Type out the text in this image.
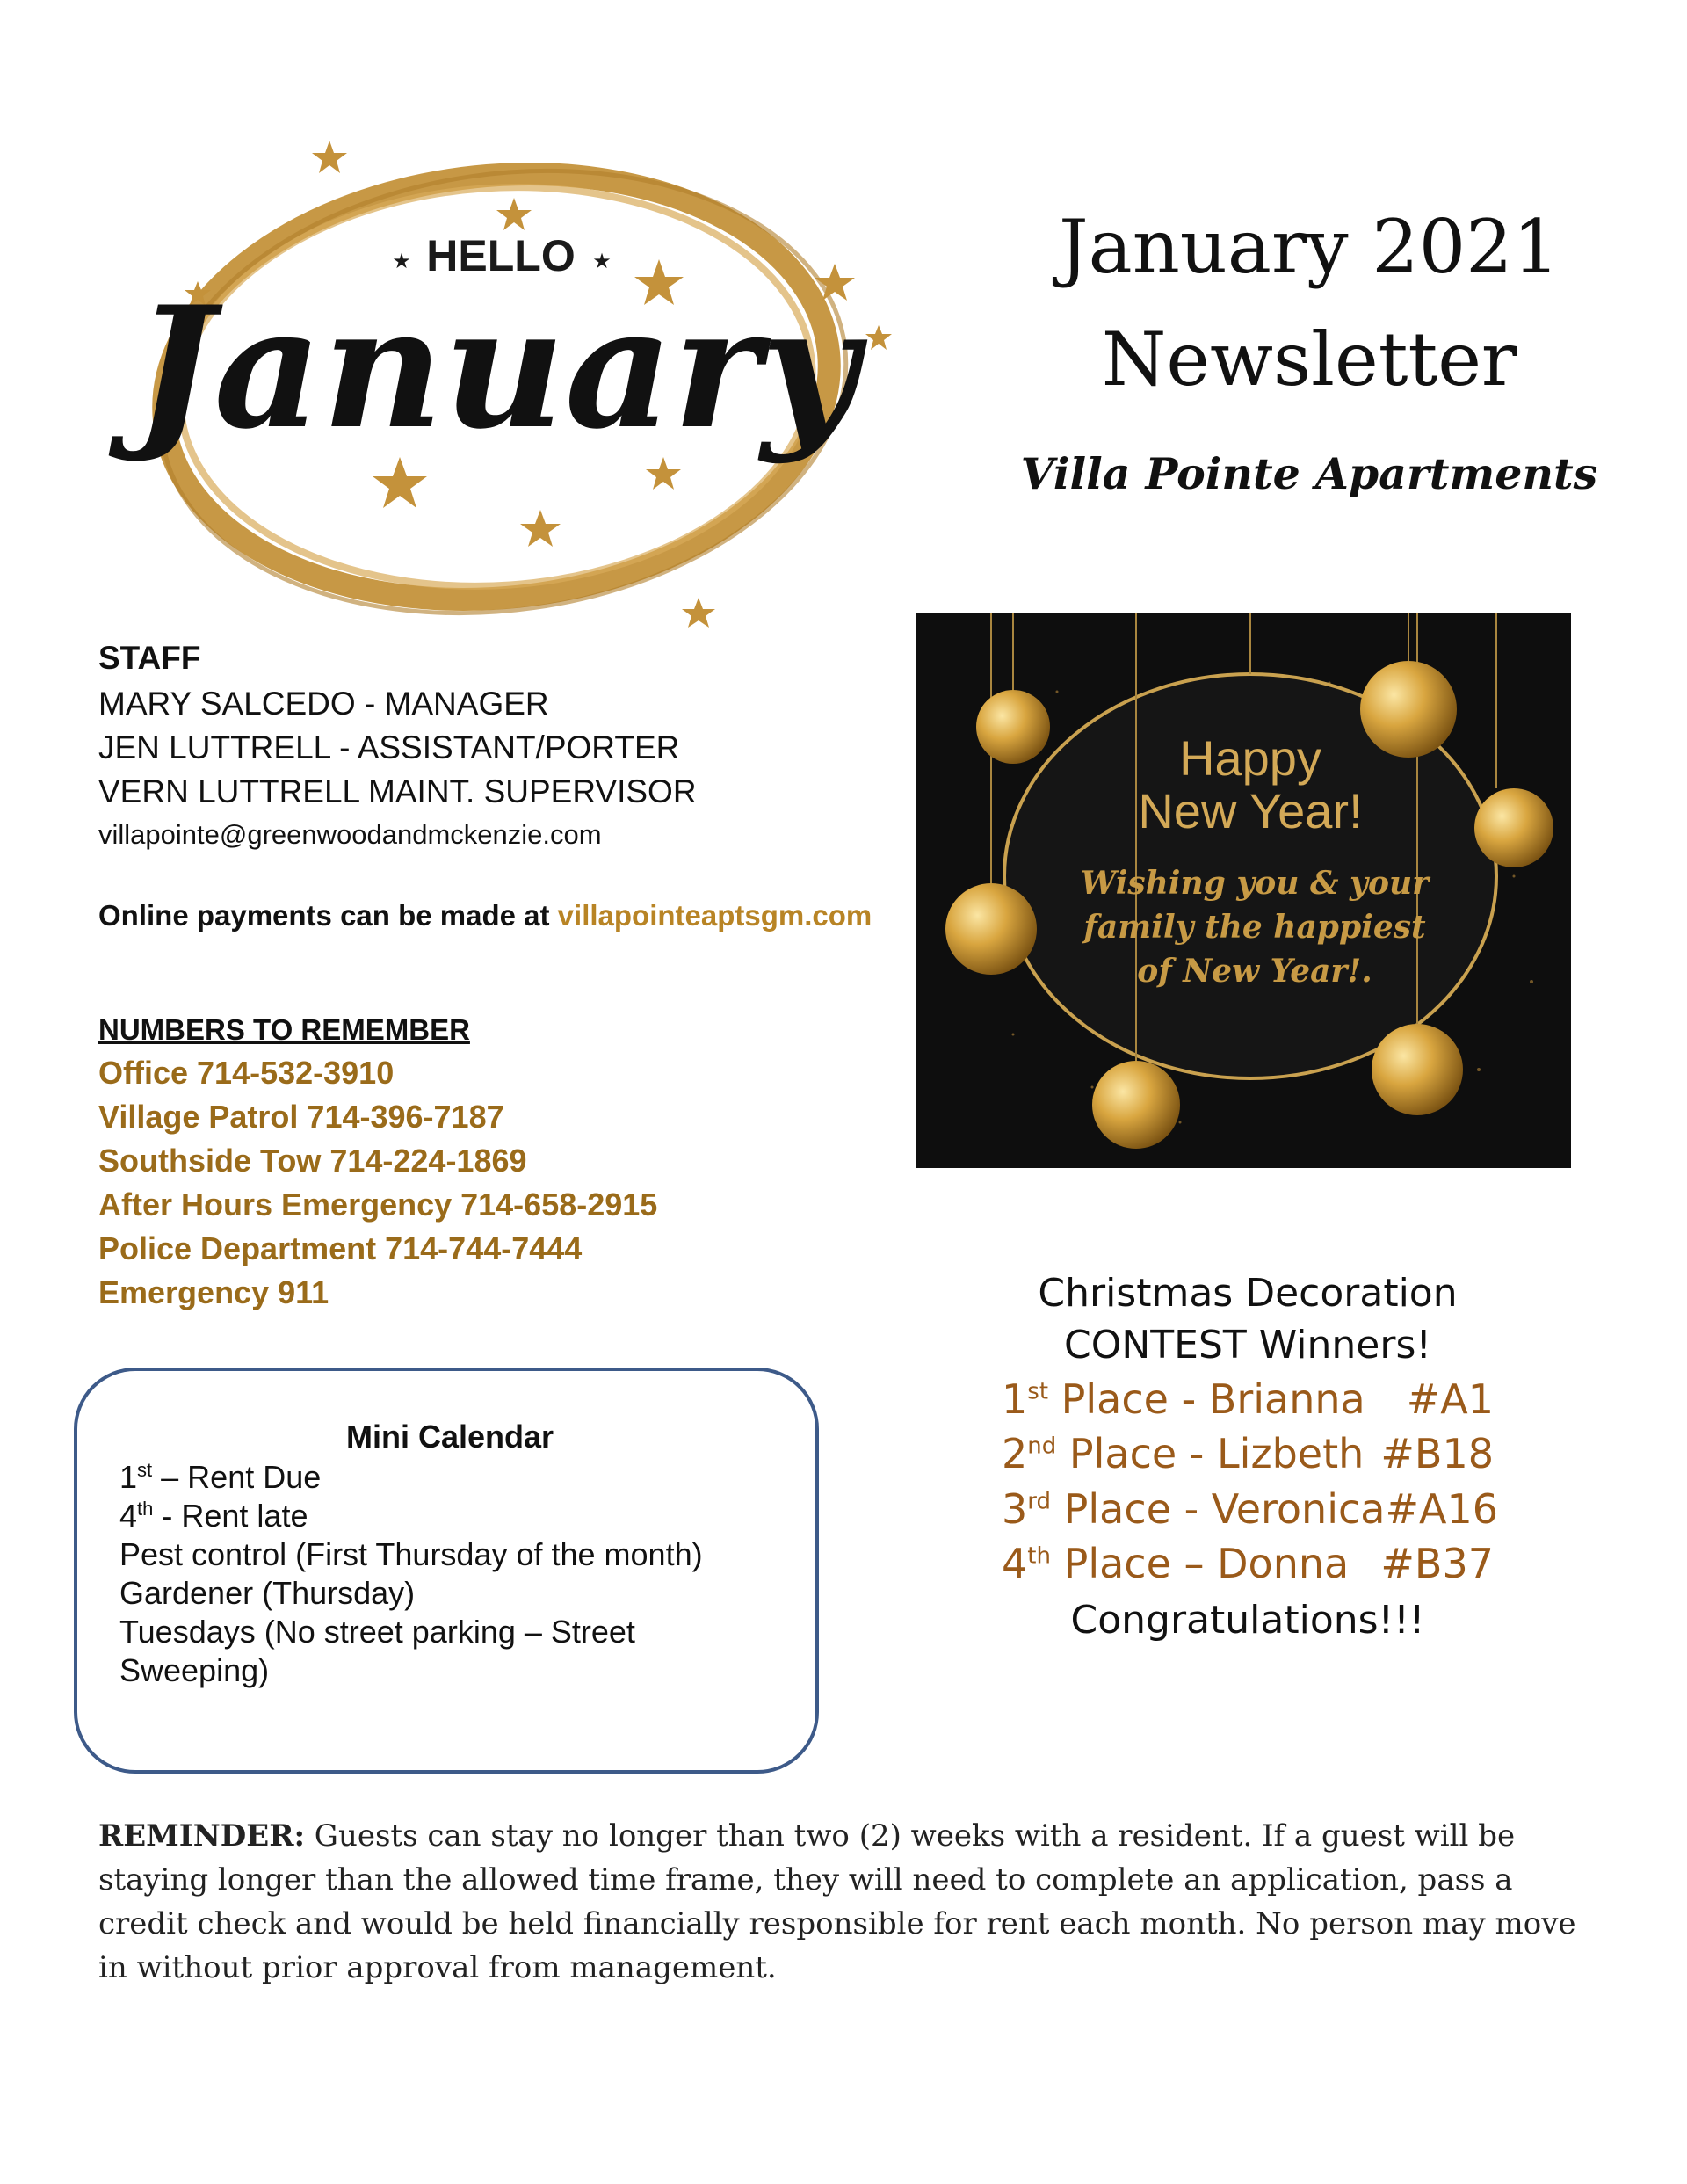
HELLO
★	★
January
January 2021
Newsletter
Villa Pointe Apartments
STAFF
MARY SALCEDO - MANAGER
JEN LUTTRELL - ASSISTANT/PORTER
VERN LUTTRELL MAINT. SUPERVISOR
villapointe@greenwoodandmckenzie.com
Online payments can be made at villapointeaptsgm.com
NUMBERS TO REMEMBER
Office 714-532-3910
Village Patrol 714-396-7187
Southside Tow 714-224-1869
After Hours Emergency 714-658-2915
Police Department 714-744-7444
Emergency 911
Happy
New Year!
Wishing you & your
family the happiest
of New Year!.
Christmas Decoration
CONTEST Winners!
1st Place - Brianna #A1
2nd Place - Lizbeth #B18
3rd Place - Veronica #A16
4th Place – Donna #B37
Congratulations!!!
Mini Calendar
1st – Rent Due
4th - Rent late
Pest control (First Thursday of the month)
Gardener (Thursday)
Tuesdays (No street parking – Street
Sweeping)
REMINDER: Guests can stay no longer than two (2) weeks with a resident. If a guest will be staying longer than the allowed time frame, they will need to complete an application, pass a credit check and would be held financially responsible for rent each month. No person may move in without prior approval from management.
